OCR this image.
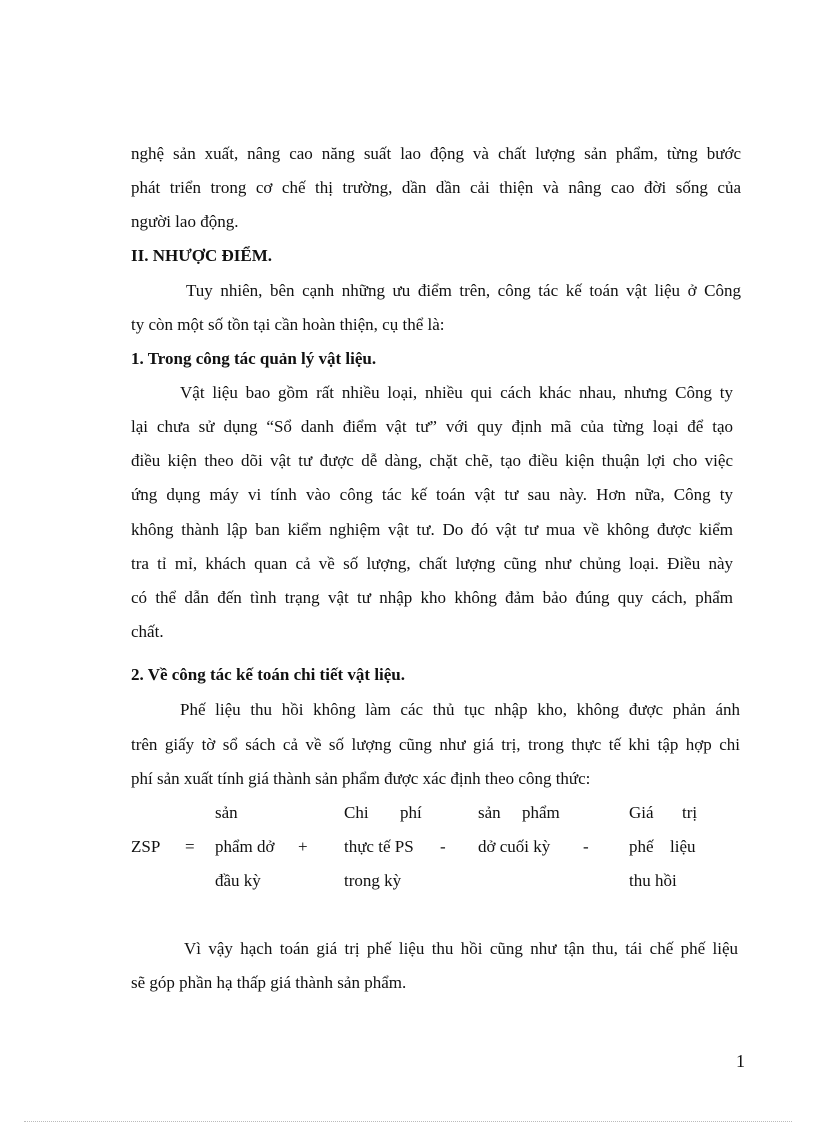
nghệ sản xuất, nâng cao năng suất lao động và chất lượng sản phẩm, từng bước
phát triển trong cơ chế thị trường, dần dần cải thiện và nâng cao đời sống của
người lao động.
II. NHƯỢC ĐIỂM.
Tuy nhiên, bên cạnh những ưu điểm trên, công tác kế toán vật liệu ở Công
ty còn một số tồn tại cần hoàn thiện, cụ thể là:
1. Trong công tác quản lý vật liệu.
Vật liệu bao gồm rất nhiều loại, nhiều qui cách khác nhau, nhưng Công ty
lại chưa sử dụng “Sổ danh điểm vật tư” với quy định mã của từng loại để tạo
điều kiện theo dõi vật tư được dễ dàng, chặt chẽ, tạo điều kiện thuận lợi cho việc
ứng dụng máy vi tính vào công tác kế toán vật tư sau này. Hơn nữa, Công ty
không thành lập ban kiểm nghiệm vật tư. Do đó vật tư mua về không được kiểm
tra tỉ mỉ, khách quan cả về số lượng, chất lượng cũng như chủng loại. Điều này
có thể dẫn đến tình trạng vật tư nhập kho không đảm bảo đúng quy cách, phẩm
chất.
2. Về công tác kế toán chi tiết vật liệu.
Phế liệu thu hồi không làm các thủ tục nhập kho, không được phản ánh
trên giấy tờ sổ sách cả về số lượng cũng như giá trị, trong thực tế khi tập hợp chi
phí sản xuất tính giá thành sản phẩm được xác định theo công thức:
ZSP =
sản
phẩm dở
đầu kỳ
+
Chi phí
thực tế PS
trong kỳ
-
sản phẩm
dở cuối kỳ -
Giá trị
phế liệu
thu hồi
Vì vậy hạch toán giá trị phế liệu thu hồi cũng như tận thu, tái chế phế liệu
sẽ góp phần hạ thấp giá thành sản phẩm.
1
